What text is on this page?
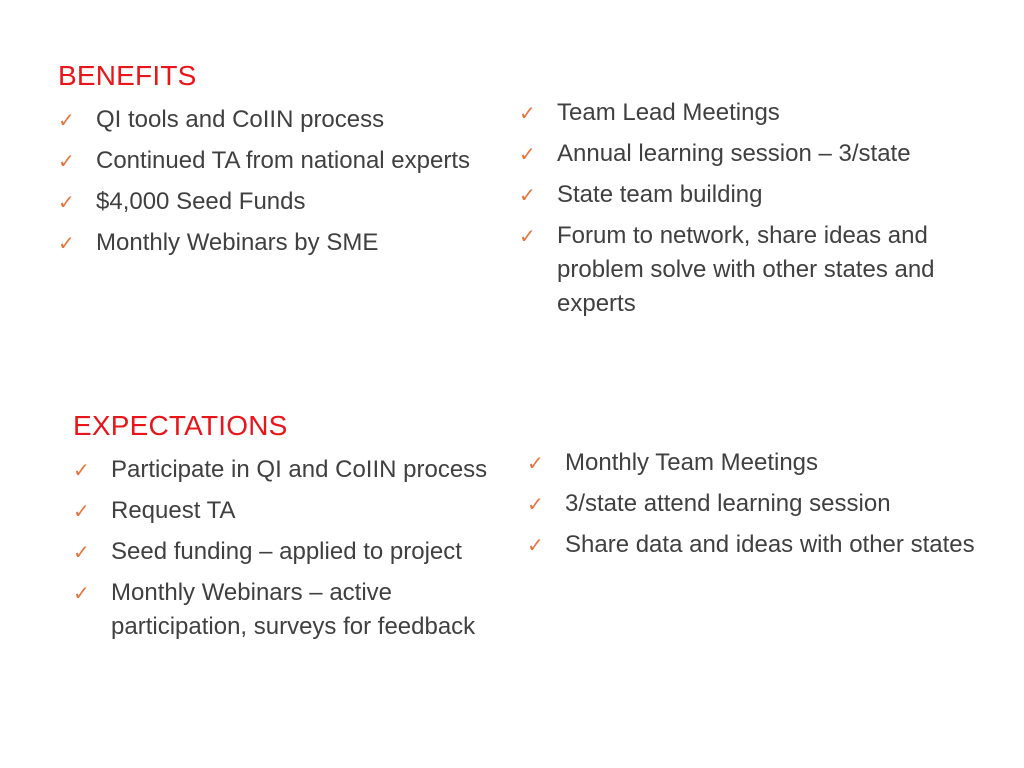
BENEFITS
✓ QI tools and CoIIN process
✓ Continued TA from national experts
✓ $4,000 Seed Funds
✓ Monthly Webinars by SME
✓ Team Lead Meetings
✓ Annual learning session – 3/state
✓ State team building
✓ Forum to network, share ideas and problem solve with other states and experts
EXPECTATIONS
✓ Participate in QI and CoIIN process
✓ Request TA
✓ Seed funding – applied to project
✓ Monthly Webinars – active participation, surveys for feedback
✓ Monthly Team Meetings
✓ 3/state attend learning session
✓ Share data and ideas with other states
